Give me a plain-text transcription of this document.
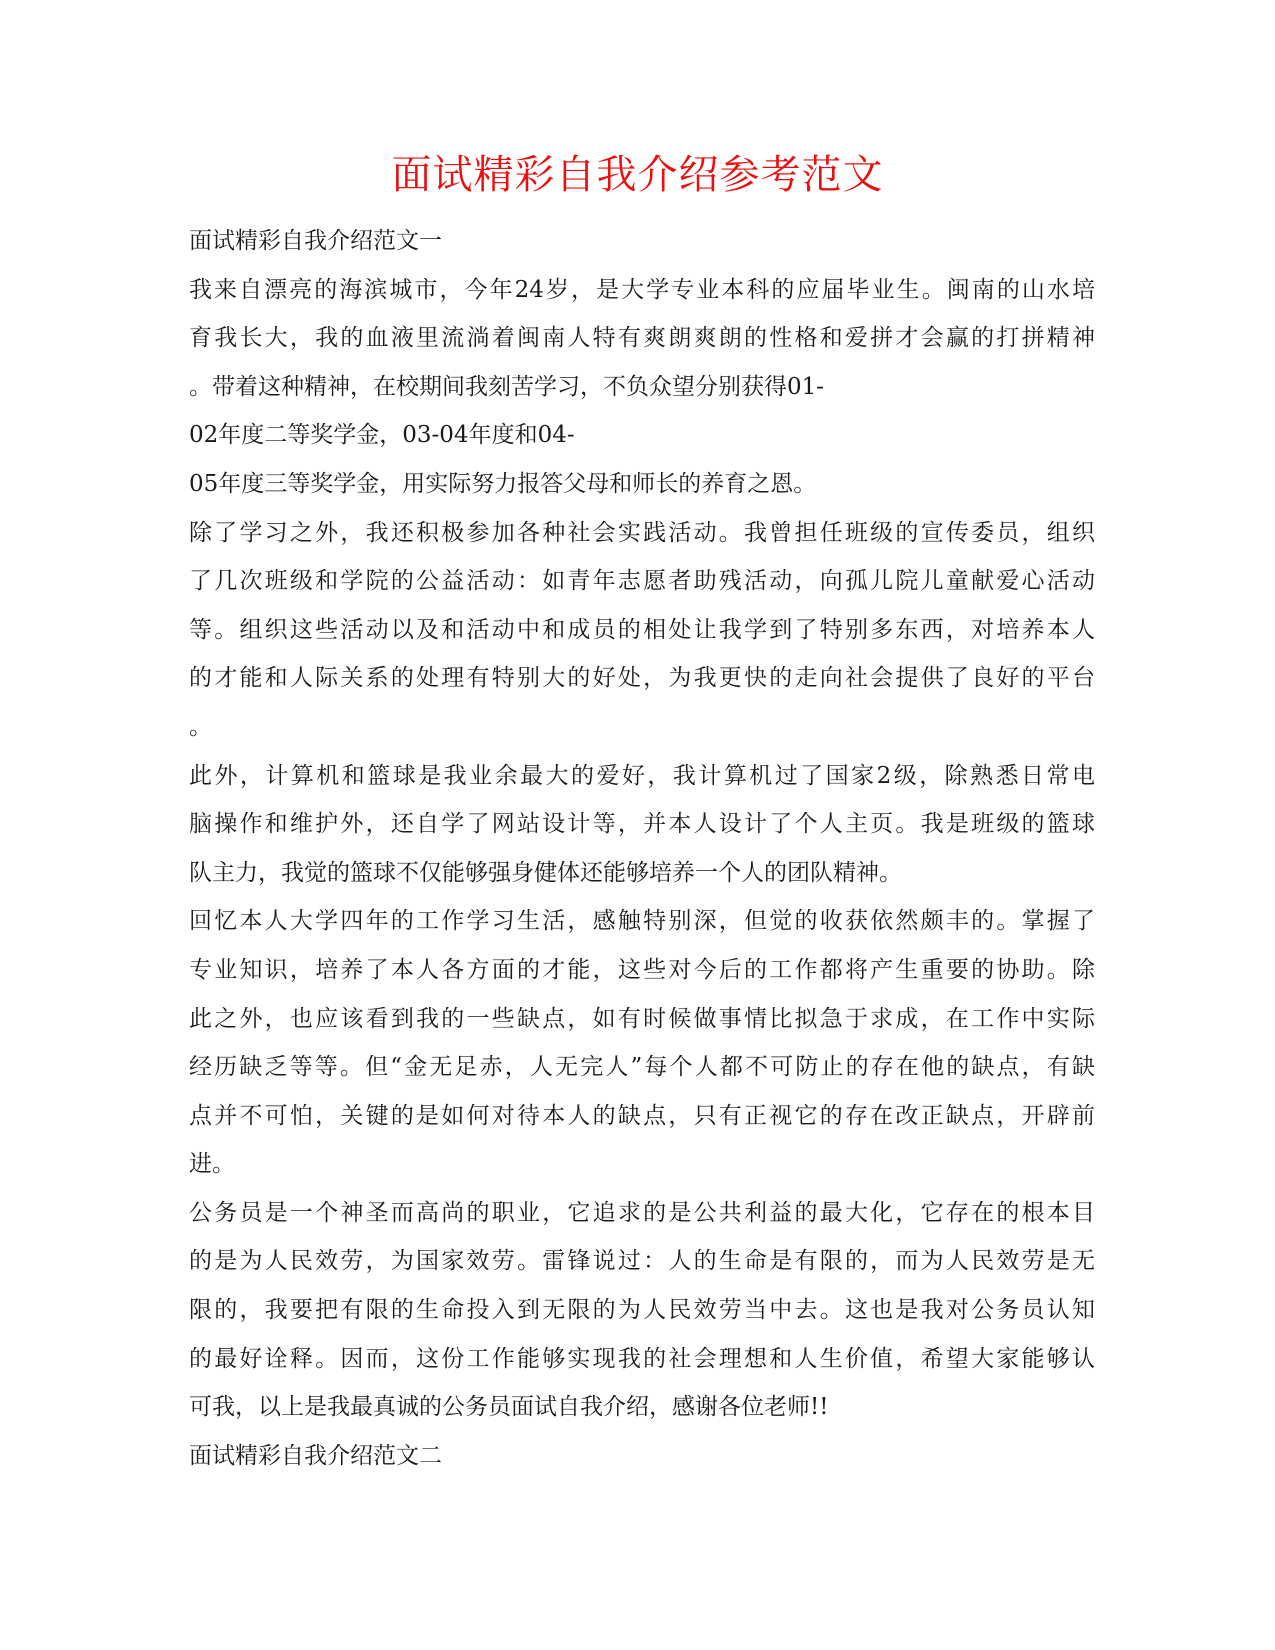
面试精彩自我介绍参考范文
面试精彩自我介绍范文一
我来自漂亮的海滨城市，今年24岁，是大学专业本科的应届毕业生。闽南的山水培
育我长大，我的血液里流淌着闽南人特有爽朗爽朗的性格和爱拼才会赢的打拼精神
。带着这种精神，在校期间我刻苦学习，不负众望分别获得01-
02年度二等奖学金，03-04年度和04-
05年度三等奖学金，用实际努力报答父母和师长的养育之恩。
除了学习之外，我还积极参加各种社会实践活动。我曾担任班级的宣传委员，组织
了几次班级和学院的公益活动：如青年志愿者助残活动，向孤儿院儿童献爱心活动
等。组织这些活动以及和活动中和成员的相处让我学到了特别多东西，对培养本人
的才能和人际关系的处理有特别大的好处，为我更快的走向社会提供了良好的平台
。
此外，计算机和篮球是我业余最大的爱好，我计算机过了国家2级，除熟悉日常电
脑操作和维护外，还自学了网站设计等，并本人设计了个人主页。我是班级的篮球
队主力，我觉的篮球不仅能够强身健体还能够培养一个人的团队精神。
回忆本人大学四年的工作学习生活，感触特别深，但觉的收获依然颇丰的。掌握了
专业知识，培养了本人各方面的才能，这些对今后的工作都将产生重要的协助。除
此之外，也应该看到我的一些缺点，如有时候做事情比拟急于求成，在工作中实际
经历缺乏等等。但“金无足赤，人无完人”每个人都不可防止的存在他的缺点，有缺
点并不可怕，关键的是如何对待本人的缺点，只有正视它的存在改正缺点，开辟前
进。
公务员是一个神圣而高尚的职业，它追求的是公共利益的最大化，它存在的根本目
的是为人民效劳，为国家效劳。雷锋说过：人的生命是有限的，而为人民效劳是无
限的，我要把有限的生命投入到无限的为人民效劳当中去。这也是我对公务员认知
的最好诠释。因而，这份工作能够实现我的社会理想和人生价值，希望大家能够认
可我，以上是我最真诚的公务员面试自我介绍，感谢各位老师!!
面试精彩自我介绍范文二
